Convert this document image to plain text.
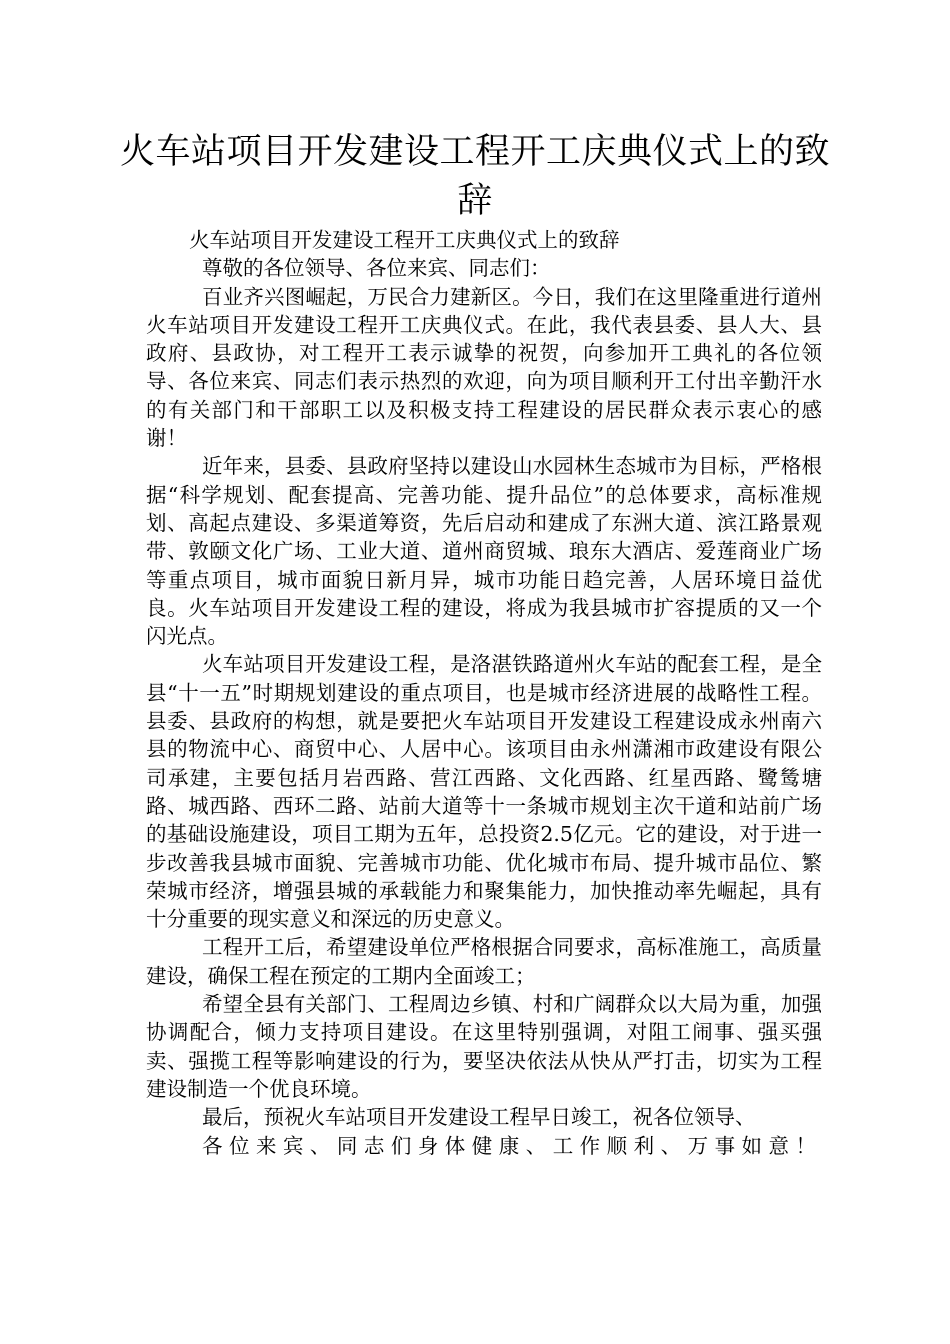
火车站项目开发建设工程开工庆典仪式上的致辞

火车站项目开发建设工程开工庆典仪式上的致辞

尊敬的各位领导、各位来宾、同志们：

百业齐兴图崛起，万民合力建新区。今日，我们在这里隆重进行道州火车站项目开发建设工程开工庆典仪式。在此，我代表县委、县人大、县政府、县政协，对工程开工表示诚挚的祝贺，向参加开工典礼的各位领导、各位来宾、同志们表示热烈的欢迎，向为项目顺利开工付出辛勤汗水的有关部门和干部职工以及积极支持工程建设的居民群众表示衷心的感谢！

近年来，县委、县政府坚持以建设山水园林生态城市为目标，严格根据“科学规划、配套提高、完善功能、提升品位”的总体要求，高标准规划、高起点建设、多渠道筹资，先后启动和建成了东洲大道、滨江路景观带、敦颐文化广场、工业大道、道州商贸城、琅东大酒店、爱莲商业广场等重点项目，城市面貌日新月异，城市功能日趋完善，人居环境日益优良。火车站项目开发建设工程的建设，将成为我县城市扩容提质的又一个闪光点。

火车站项目开发建设工程，是洛湛铁路道州火车站的配套工程，是全县“十一五”时期规划建设的重点项目，也是城市经济进展的战略性工程。县委、县政府的构想，就是要把火车站项目开发建设工程建设成永州南六县的物流中心、商贸中心、人居中心。该项目由永州潇湘市政建设有限公司承建，主要包括月岩西路、营江西路、文化西路、红星西路、鹭鸶塘路、城西路、西环二路、站前大道等十一条城市规划主次干道和站前广场的基础设施建设，项目工期为五年，总投资2.5亿元。它的建设，对于进一步改善我县城市面貌、完善城市功能、优化城市布局、提升城市品位、繁荣城市经济，增强县城的承载能力和聚集能力，加快推动率先崛起，具有十分重要的现实意义和深远的历史意义。

工程开工后，希望建设单位严格根据合同要求，高标准施工，高质量建设，确保工程在预定的工期内全面竣工；

希望全县有关部门、工程周边乡镇、村和广阔群众以大局为重，加强协调配合，倾力支持项目建设。在这里特别强调，对阻工闹事、强买强卖、强揽工程等影响建设的行为，要坚决依法从快从严打击，切实为工程建设制造一个优良环境。

最后，预祝火车站项目开发建设工程早日竣工，祝各位领导、
各位来宾、同志们身体健康、工作顺利、万事如意！
